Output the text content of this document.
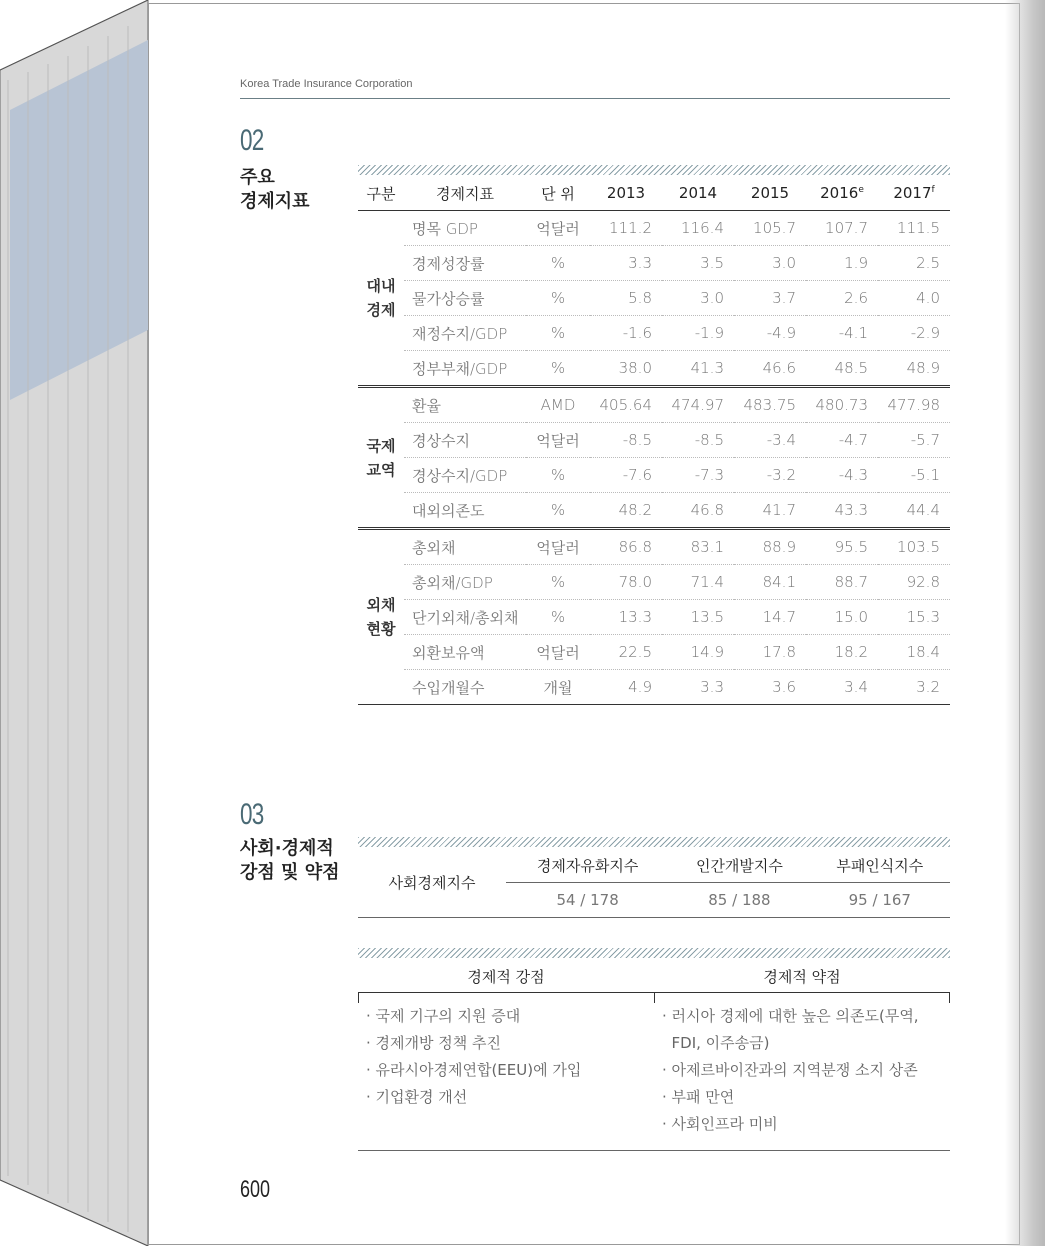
Korea Trade Insurance Corporation
02
주요
경제지표	구분	경제지표	단 위	2013	2014	2015	2016e	2017$^f$

대내
경제	명목 GDP	억달러	111.2	116.4	105.7	107.7	111.5
	경제성장률	%	3.3	3.5	3.0	1.9	2.5
	물가상승률	%	5.8	3.0	3.7	2.6	4.0
	재정수지/GDP	%	-1.6	-1.9	-4.9	-4.1	-2.9
	정부부채/GDP	%	38.0	41.3	46.6	48.5	48.9

국제
교역	환율	AMD	405.64	474.97	483.75	480.73	477.98
	경상수지	억달러	-8.5	-8.5	-3.4	-4.7	-5.7
	경상수지/GDP	%	-7.6	-7.3	-3.2	-4.3	-5.1
	대외의존도	%	48.2	46.8	41.7	43.3	44.4

외채
현황	총외채	억달러	86.8	83.1	88.9	95.5	103.5
	총외채/GDP	%	78.0	71.4	84.1	88.7	92.8
	단기외채/총외채	%	13.3	13.5	14.7	15.0	15.3
	외환보유액	억달러	22.5	14.9	17.8	18.2	18.4
	수입개월수	개월	4.9	3.3	3.6	3.4	3.2
03
사회·경제적
강점 및 약점	사회경제지수	경제자유화지수	인간개발지수	부패인식지수
	54 / 178	85 / 188	95 / 167
경제적 강점	경제적 약점
· 국제 기구의 지원 증대
· 경제개방 정책 추진
· 유라시아경제연합(EEU)에 가입
· 기업환경 개선
· 러시아 경제에 대한 높은 의존도(무역,
FDI, 이주송금)
· 아제르바이잔과의 지역분쟁 소지 상존
· 부패 만연
· 사회인프라 미비
600
